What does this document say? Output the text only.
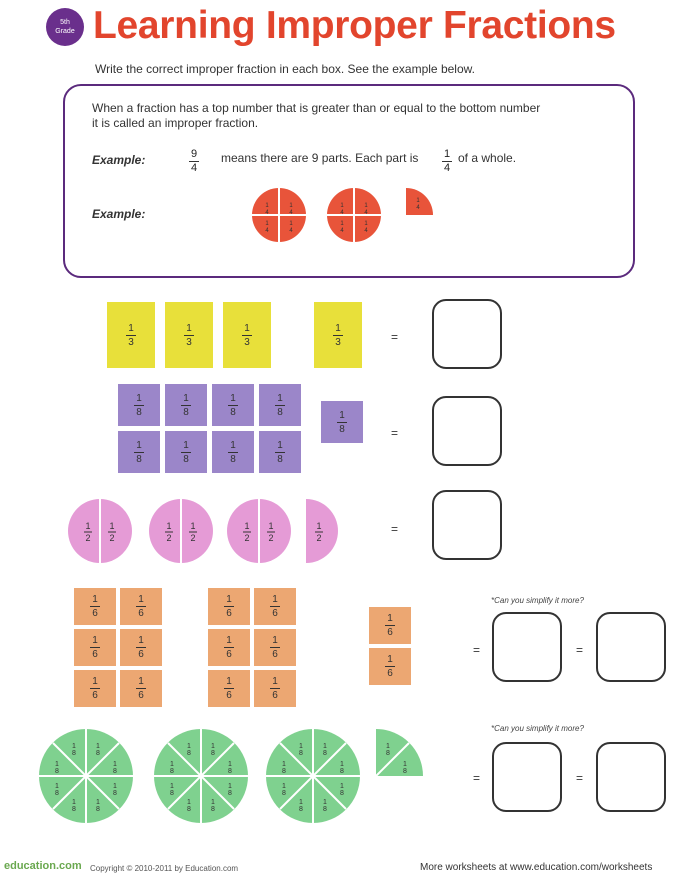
5th
Grade Learning Improper Fractions
Write the correct improper fraction in each box. See the example below.
When a fraction has a top number that is greater than or equal to the bottom number
it is called an improper fraction.
Example:	$\frac{9}{4}$ means there are 9 parts. Each part is $\frac{1}{4}$ of a whole.
Example:
1
4
1
4
1
4
1
4
1
4
1
4
1
4
1
4
1
4
$\frac{1}{3}$	$\frac{1}{3}$	$\frac{1}{3}$	$\frac{1}{3}$	=
$\frac{1}{8}$	$\frac{1}{8}$	$\frac{1}{8}$	$\frac{1}{8}$
$\frac{1}{8}$	$\frac{1}{8}$	$\frac{1}{8}$	$\frac{1}{8}$
$\frac{1}{8}$	=
1
2
1
2
1
2
1
2
1
2
1
2
1
2
=
$\frac{1}{6}$	$\frac{1}{6}$
$\frac{1}{6}$	$\frac{1}{6}$
$\frac{1}{6}$	$\frac{1}{6}$
$\frac{1}{6}$	$\frac{1}{6}$
$\frac{1}{6}$	$\frac{1}{6}$
$\frac{1}{6}$	$\frac{1}{6}$
$\frac{1}{6}$
$\frac{1}{6}$
*Can you simplify it more?
=	=
1
8
1
8
1
8
1
8
1
8
1
8
1
8
1
8
*Can you simplify it more?
=	=
education.com Copyright © 2010-2011 by Education.com	More worksheets at www.education.com/worksheets
